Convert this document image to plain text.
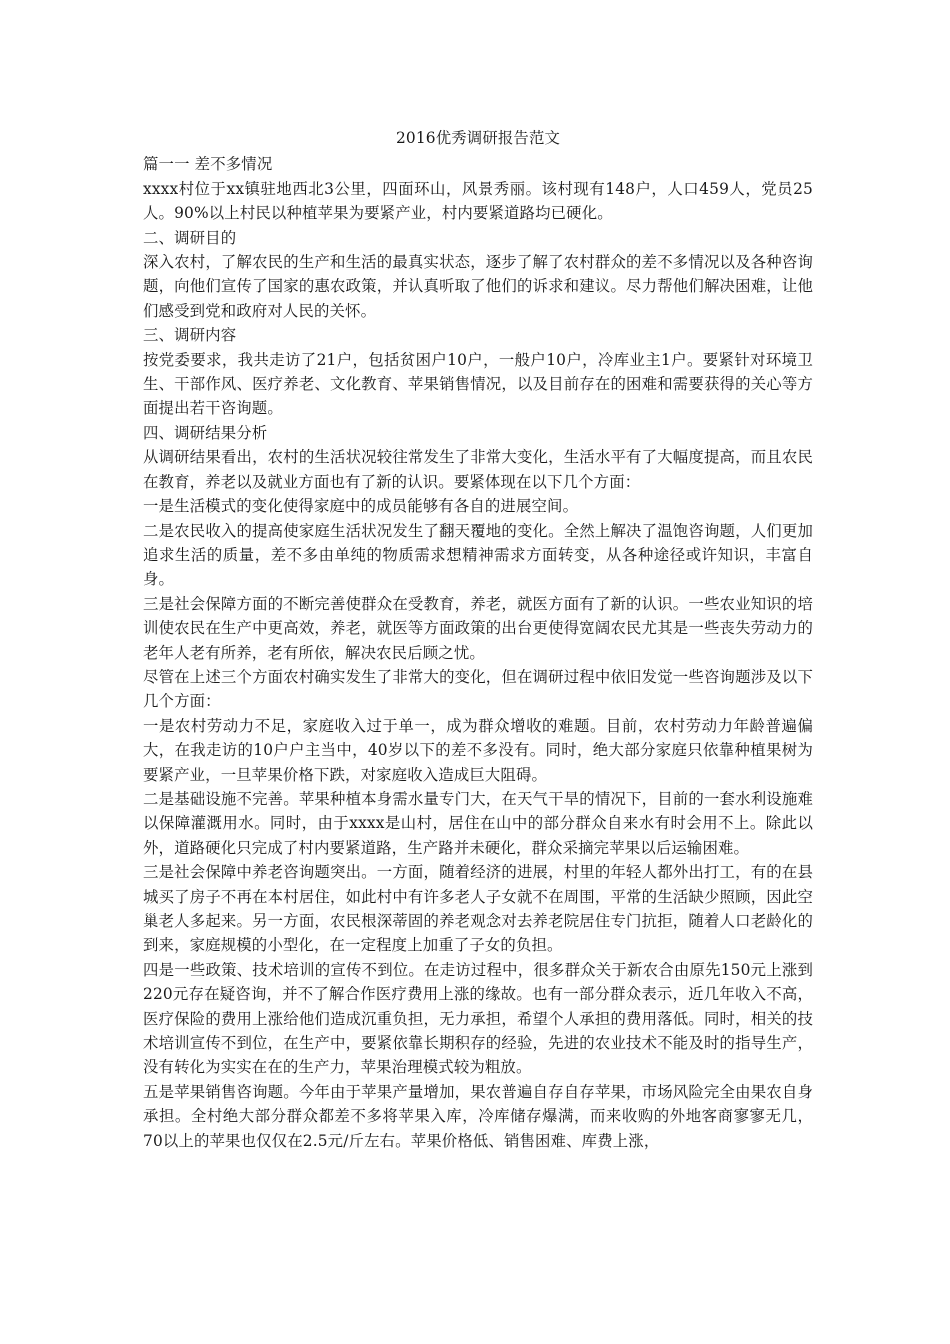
2016优秀调研报告范文

篇一一 差不多情况

xxxx村位于xx镇驻地西北3公里，四面环山，风景秀丽。该村现有148户，人口459人，党员25人。90%以上村民以种植苹果为要紧产业，村内要紧道路均已硬化。

二、调研目的

深入农村，了解农民的生产和生活的最真实状态，逐步了解了农村群众的差不多情况以及各种咨询题，向他们宣传了国家的惠农政策，并认真听取了他们的诉求和建议。尽力帮他们解决困难，让他们感受到党和政府对人民的关怀。

三、调研内容

按党委要求，我共走访了21户，包括贫困户10户，一般户10户，冷库业主1户。要紧针对环境卫生、干部作风、医疗养老、文化教育、苹果销售情况，以及目前存在的困难和需要获得的关心等方面提出若干咨询题。

四、调研结果分析

从调研结果看出，农村的生活状况较往常发生了非常大变化，生活水平有了大幅度提高，而且农民在教育，养老以及就业方面也有了新的认识。要紧体现在以下几个方面：

一是生活模式的变化使得家庭中的成员能够有各自的进展空间。

二是农民收入的提高使家庭生活状况发生了翻天覆地的变化。全然上解决了温饱咨询题，人们更加追求生活的质量，差不多由单纯的物质需求想精神需求方面转变，从各种途径或许知识，丰富自身。

三是社会保障方面的不断完善使群众在受教育，养老，就医方面有了新的认识。一些农业知识的培训使农民在生产中更高效，养老，就医等方面政策的出台更使得宽阔农民尤其是一些丧失劳动力的老年人老有所养，老有所依，解决农民后顾之忧。

尽管在上述三个方面农村确实发生了非常大的变化，但在调研过程中依旧发觉一些咨询题涉及以下几个方面：

一是农村劳动力不足，家庭收入过于单一，成为群众增收的难题。目前，农村劳动力年龄普遍偏大，在我走访的10户户主当中，40岁以下的差不多没有。同时，绝大部分家庭只依靠种植果树为要紧产业，一旦苹果价格下跌，对家庭收入造成巨大阻碍。

二是基础设施不完善。苹果种植本身需水量专门大，在天气干旱的情况下，目前的一套水利设施难以保障灌溉用水。同时，由于xxxx是山村，居住在山中的部分群众自来水有时会用不上。除此以外，道路硬化只完成了村内要紧道路，生产路并未硬化，群众采摘完苹果以后运输困难。

三是社会保障中养老咨询题突出。一方面，随着经济的进展，村里的年轻人都外出打工，有的在县城买了房子不再在本村居住，如此村中有许多老人子女就不在周围，平常的生活缺少照顾，因此空巢老人多起来。另一方面，农民根深蒂固的养老观念对去养老院居住专门抗拒，随着人口老龄化的到来，家庭规模的小型化，在一定程度上加重了子女的负担。

四是一些政策、技术培训的宣传不到位。在走访过程中，很多群众关于新农合由原先150元上涨到220元存在疑咨询，并不了解合作医疗费用上涨的缘故。也有一部分群众表示，近几年收入不高，医疗保险的费用上涨给他们造成沉重负担，无力承担，希望个人承担的费用落低。同时，相关的技术培训宣传不到位，在生产中，要紧依靠长期积存的经验，先进的农业技术不能及时的指导生产，没有转化为实实在在的生产力，苹果治理模式较为粗放。

五是苹果销售咨询题。今年由于苹果产量增加，果农普遍自存自存苹果，市场风险完全由果农自身承担。全村绝大部分群众都差不多将苹果入库，冷库储存爆满，而来收购的外地客商寥寥无几，70以上的苹果也仅仅在2.5元/斤左右。苹果价格低、销售困难、库费上涨，
